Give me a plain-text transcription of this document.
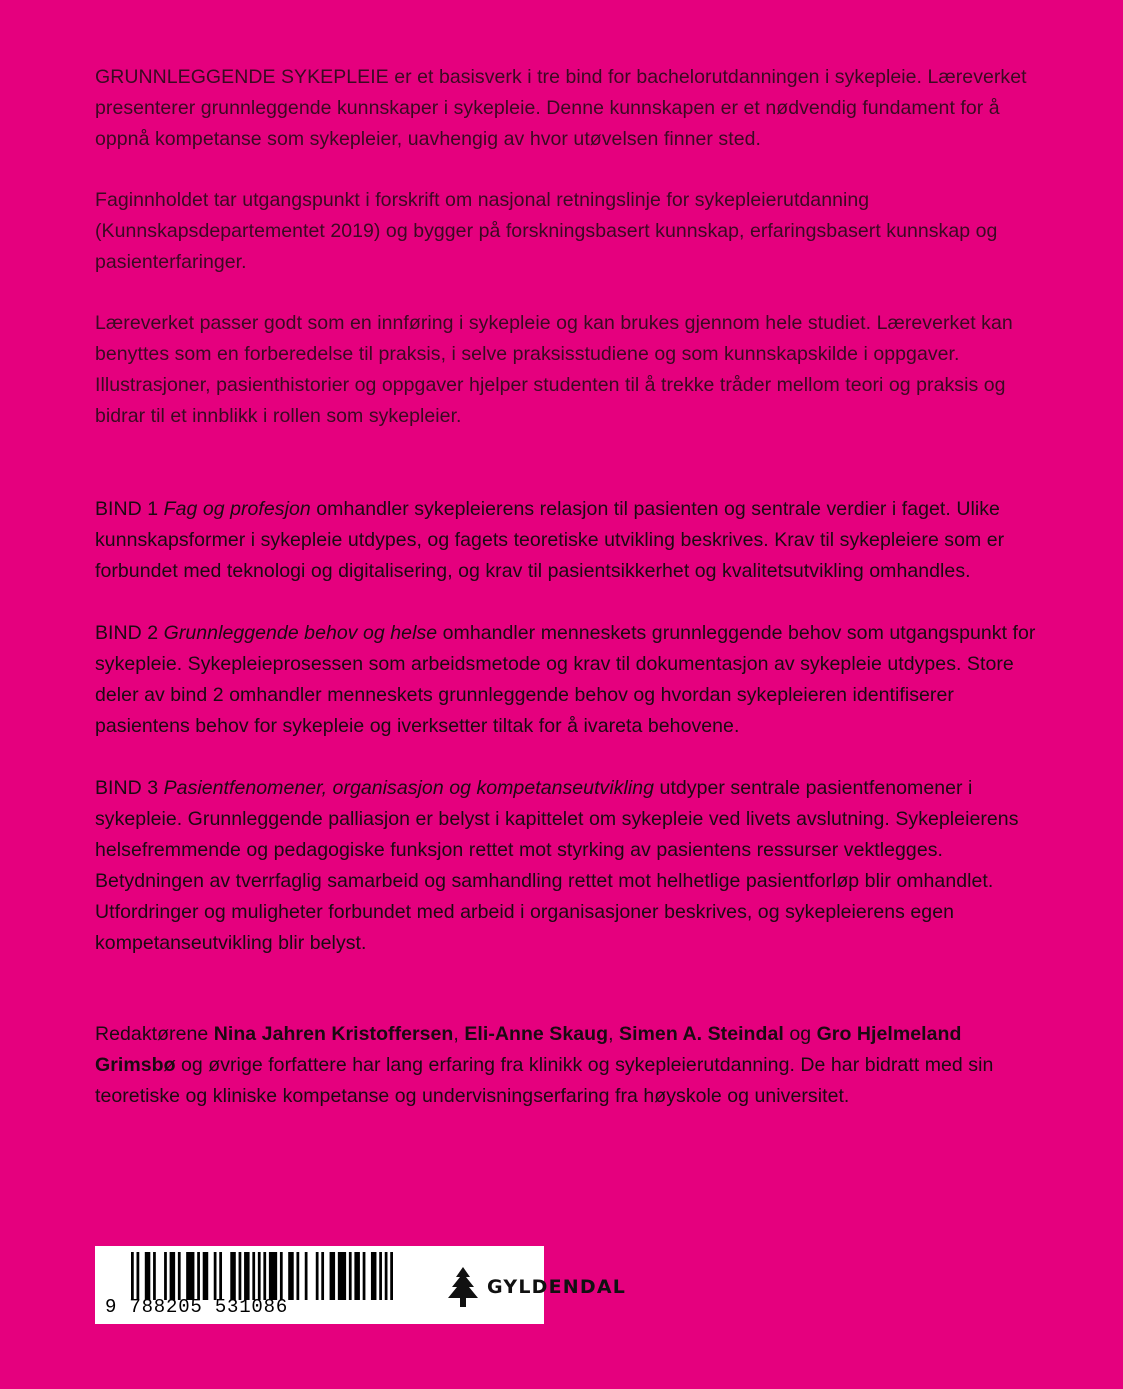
GRUNNLEGGENDE SYKEPLEIE er et basisverk i tre bind for bachelorutdanningen i sykepleie. Læreverket presenterer grunnleggende kunnskaper i sykepleie. Denne kunnskapen er et nødvendig fundament for å oppnå kompetanse som sykepleier, uavhengig av hvor utøvelsen finner sted.

Faginnholdet tar utgangspunkt i forskrift om nasjonal retningslinje for sykepleierutdanning (Kunnskapsdepartementet 2019) og bygger på forskningsbasert kunnskap, erfaringsbasert kunnskap og pasienterfaringer.

Læreverket passer godt som en innføring i sykepleie og kan brukes gjennom hele studiet. Læreverket kan benyttes som en forberedelse til praksis, i selve praksisstudiene og som kunnskapskilde i oppgaver. Illustrasjoner, pasienthistorier og oppgaver hjelper studenten til å trekke tråder mellom teori og praksis og bidrar til et innblikk i rollen som sykepleier.

BIND 1 Fag og profesjon omhandler sykepleierens relasjon til pasienten og sentrale verdier i faget. Ulike kunnskapsformer i sykepleie utdypes, og fagets teoretiske utvikling beskrives. Krav til sykepleiere som er forbundet med teknologi og digitalisering, og krav til pasientsikkerhet og kvalitetsutvikling omhandles.

BIND 2 Grunnleggende behov og helse omhandler menneskets grunnleggende behov som utgangspunkt for sykepleie. Sykepleieprosessen som arbeidsmetode og krav til dokumentasjon av sykepleie utdypes. Store deler av bind 2 omhandler menneskets grunnleggende behov og hvordan sykepleieren identifiserer pasientens behov for sykepleie og iverksetter tiltak for å ivareta behovene.

BIND 3 Pasientfenomener, organisasjon og kompetanseutvikling utdyper sentrale pasientfenomener i sykepleie. Grunnleggende palliasjon er belyst i kapittelet om sykepleie ved livets avslutning. Sykepleierens helsefremmende og pedagogiske funksjon rettet mot styrking av pasientens ressurser vektlegges. Betydningen av tverrfaglig samarbeid og samhandling rettet mot helhetlige pasientforløp blir omhandlet. Utfordringer og muligheter forbundet med arbeid i organisasjoner beskrives, og sykepleierens egen kompetanseutvikling blir belyst.

Redaktørene Nina Jahren Kristoffersen, Eli-Anne Skaug, Simen A. Steindal og Gro Hjelmeland Grimsbø og øvrige forfattere har lang erfaring fra klinikk og sykepleierutdanning. De har bidratt med sin teoretiske og kliniske kompetanse og undervisningserfaring fra høyskole og universitet.

9 788205 531086
GYLDENDAL
